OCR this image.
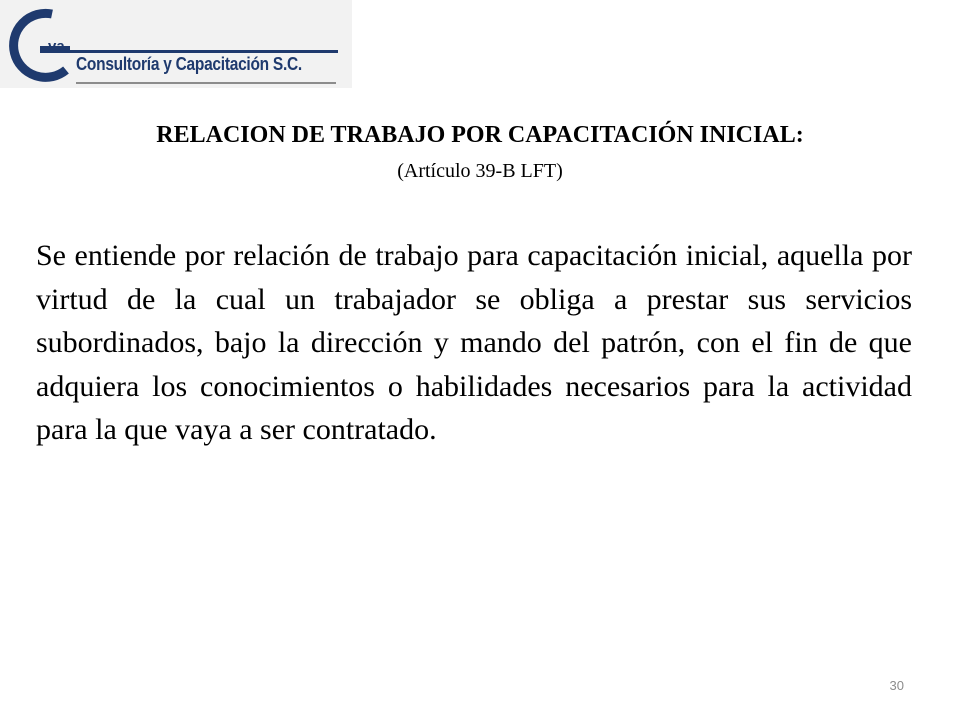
va
Consultoría y Capacitación S.C.
RELACION DE TRABAJO POR CAPACITACIÓN INICIAL:
(Artículo 39-B LFT)

Se entiende por relación de trabajo para capacitación inicial, aquella por virtud de la cual un trabajador se obliga a prestar sus servicios subordinados, bajo la dirección y mando del patrón, con el fin de que adquiera los conocimientos o habilidades necesarios para la actividad para la que vaya a ser contratado.

30
